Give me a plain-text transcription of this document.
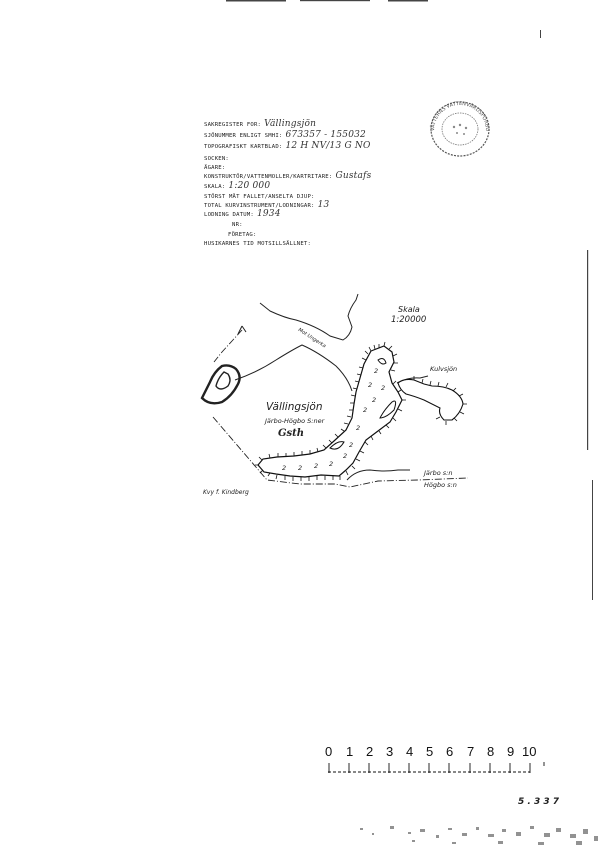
SAKREGISTER FOR: Vällingsjön
SJÖNUMMER ENLIGT SMHI: 673357 - 155032
TOPOGRAFISKT KARTBLAD: 12 H NV/13 G NO
SOCKEN:
ÄGARE:
KONSTRUKTÖR/VATTENMOLLER/KARTRITARE: Gustafs
SKALA: 1:20 000
STÖRST MÄT FALLET/ANSELTA DJUP:
TOTAL KURVINSTRUMENT/LODNINGAR: 13
LODNING DATUM: 1934
NR:
FÖRETAG:
HUSIKARNES TID MOTSILLSÄLLNET:
VÄTTERNS VATTENVÅRDSFÖRBU
Skala
1:20000
Kulvsjön
Mot Ungerka
Vällingsjön
Järbo-Högbo S:ner
Gsth
Järbo s:n
Högbo s:n
Kvy f. Kindberg
2
2 2
2
2
2
2
2
2
2
2
2
0 1 2 3 4 5 6 7 8 9 10
5 . 3 3 7
